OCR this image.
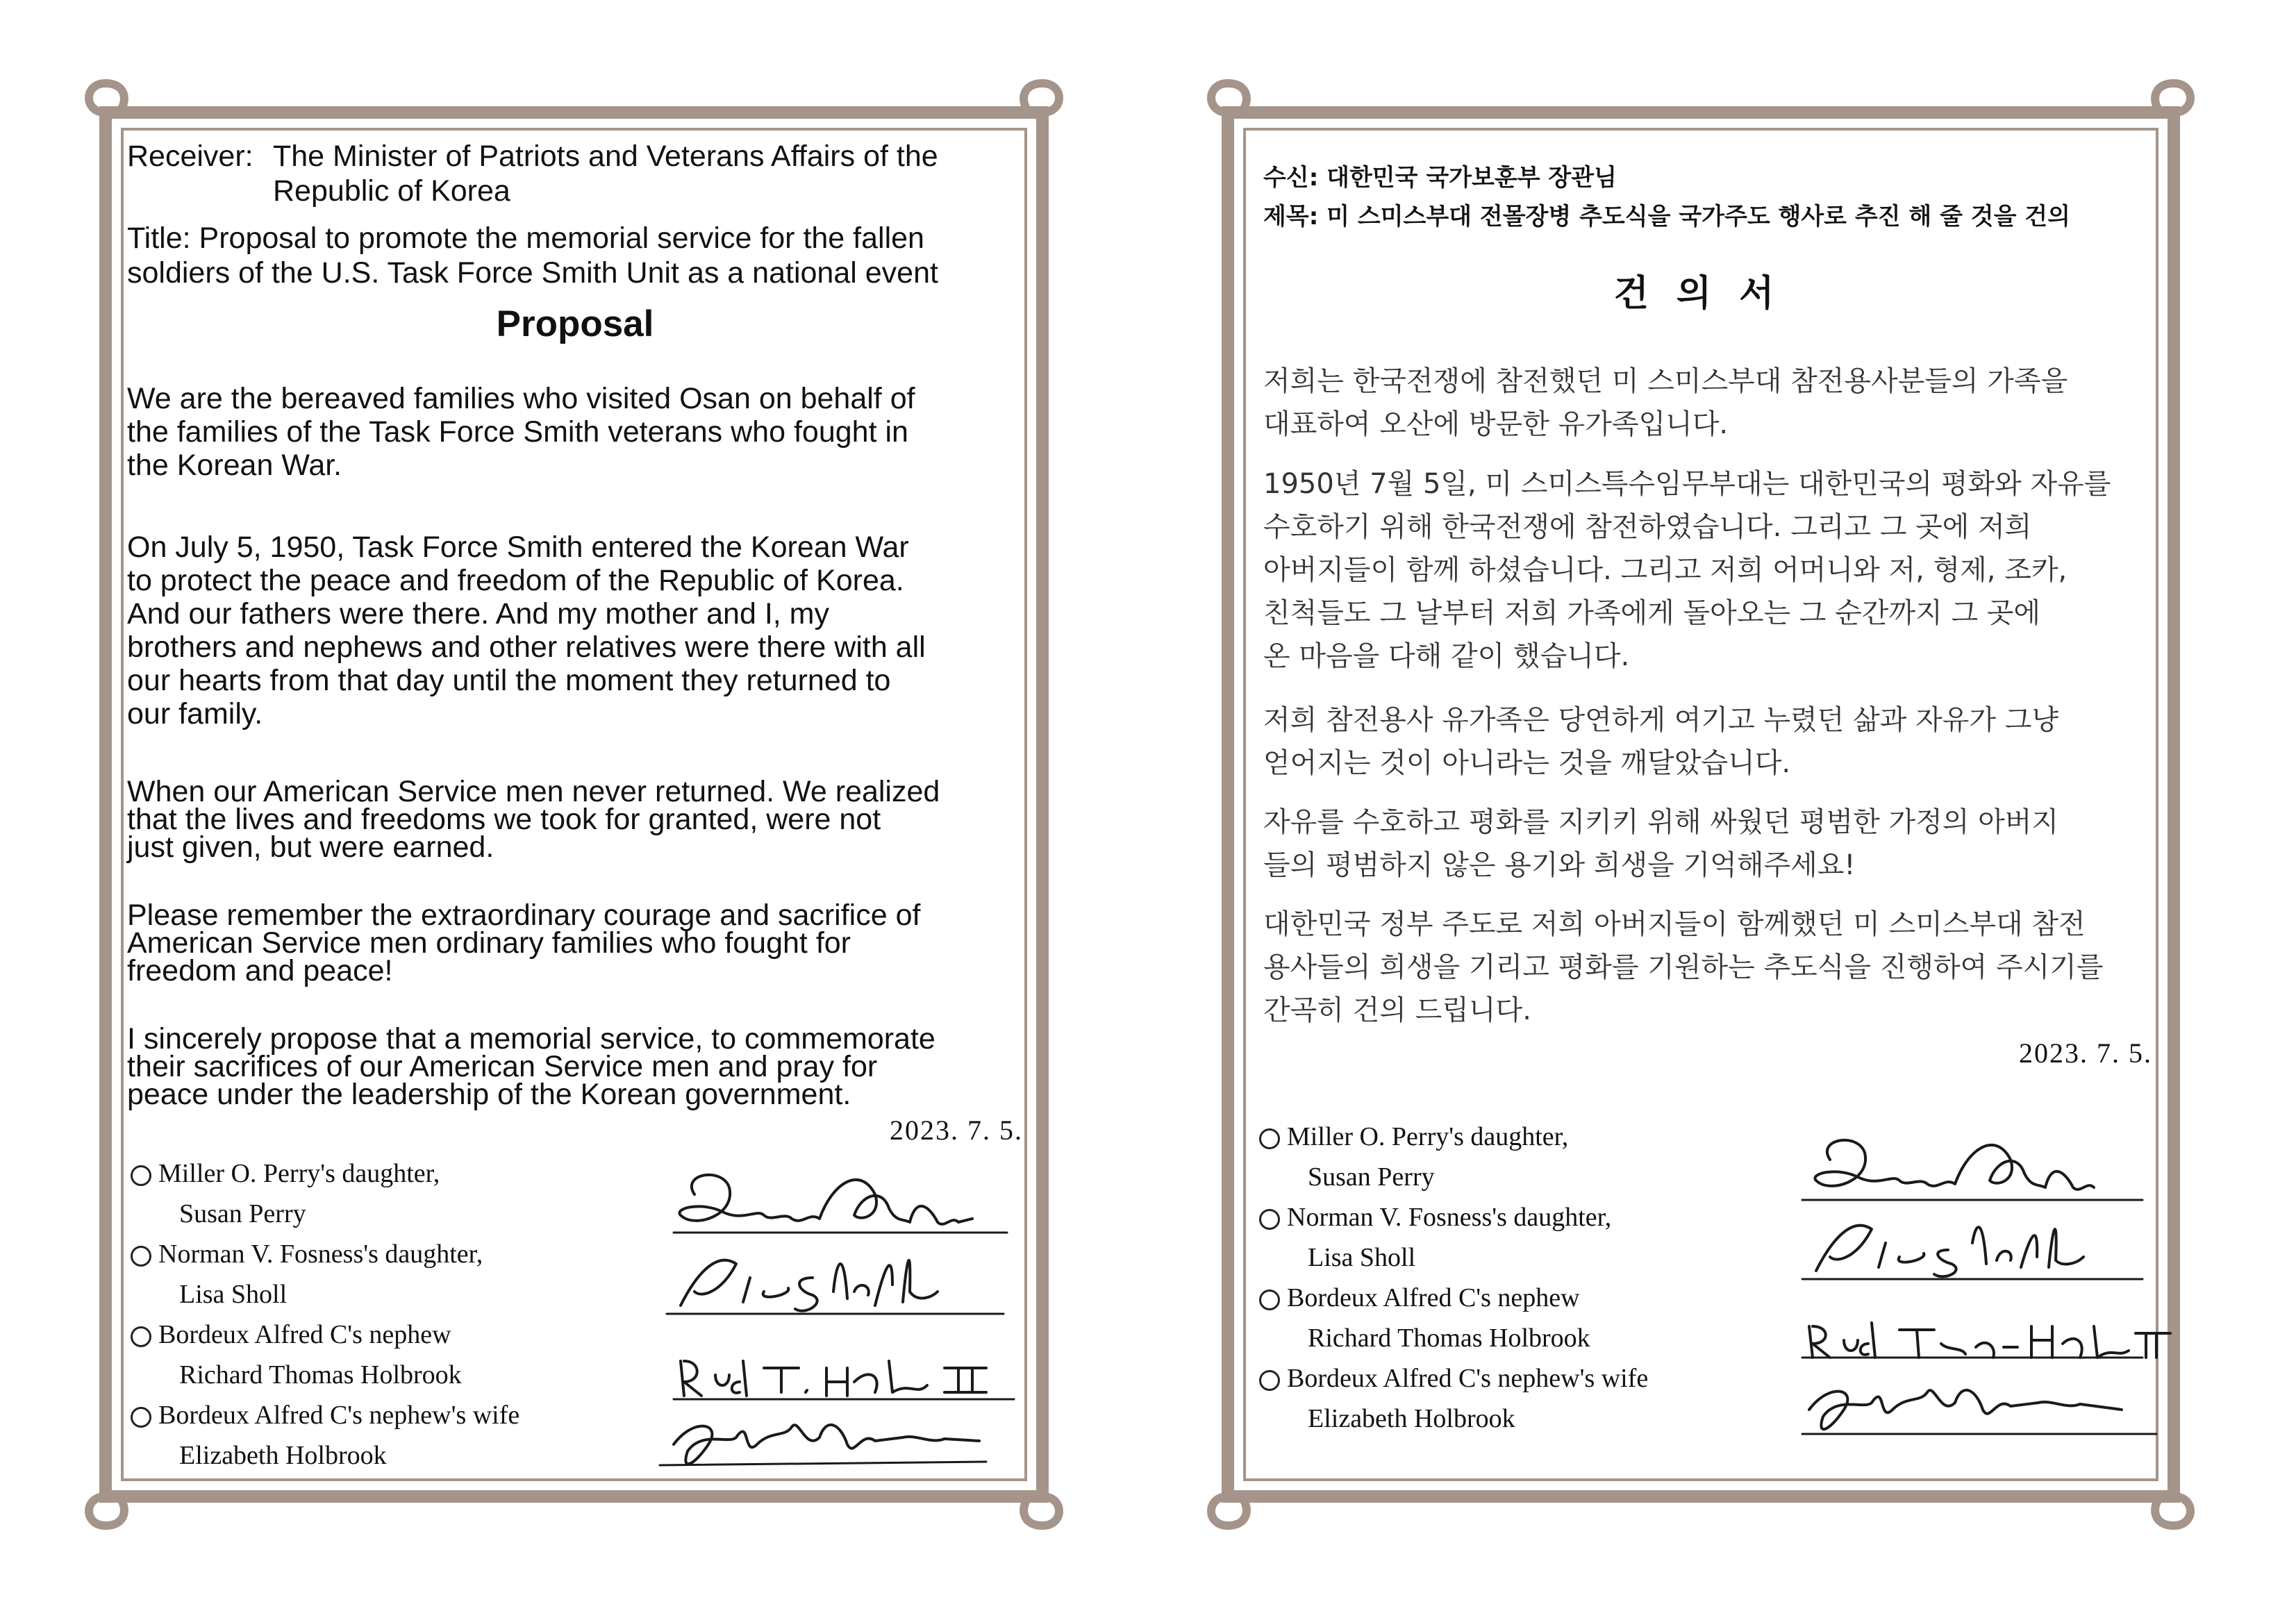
Receiver: The Minister of Patriots and Veterans Affairs of the
Republic of Korea
Title: Proposal to promote the memorial service for the fallen
soldiers of the U.S. Task Force Smith Unit as a national event
Proposal
We are the bereaved families who visited Osan on behalf of
the families of the Task Force Smith veterans who fought in
the Korean War.
On July 5, 1950, Task Force Smith entered the Korean War
to protect the peace and freedom of the Republic of Korea.
And our fathers were there. And my mother and I, my
brothers and nephews and other relatives were there with all
our hearts from that day until the moment they returned to
our family.
When our American Service men never returned. We realized
that the lives and freedoms we took for granted, were not
just given, but were earned.
Please remember the extraordinary courage and sacrifice of
American Service men ordinary families who fought for
freedom and peace!
I sincerely propose that a memorial service, to commemorate
their sacrifices of our American Service men and pray for
peace under the leadership of the Korean government.
2023. 7. 5.
Miller O. Perry's daughter,
Susan Perry
Norman V. Fosness's daughter,
Lisa Sholl
Bordeux Alfred C's nephew
Richard Thomas Holbrook
Bordeux Alfred C's nephew's wife
Elizabeth Holbrook
수신: 대한민국 국가보훈부 장관님
제목: 미 스미스부대 전몰장병 추도식을 국가주도 행사로 추진 해 줄 것을 건의
건의서
저희는 한국전쟁에 참전했던 미 스미스부대 참전용사분들의 가족을
대표하여 오산에 방문한 유가족입니다.
1950년 7월 5일, 미 스미스특수임무부대는 대한민국의 평화와 자유를
수호하기 위해 한국전쟁에 참전하였습니다. 그리고 그 곳에 저희
아버지들이 함께 하셨습니다. 그리고 저희 어머니와 저, 형제, 조카,
친척들도 그 날부터 저희 가족에게 돌아오는 그 순간까지 그 곳에
온 마음을 다해 같이 했습니다.
저희 참전용사 유가족은 당연하게 여기고 누렸던 삶과 자유가 그냥
얻어지는 것이 아니라는 것을 깨달았습니다.
자유를 수호하고 평화를 지키키 위해 싸웠던 평범한 가정의 아버지
들의 평범하지 않은 용기와 희생을 기억해주세요!
대한민국 정부 주도로 저희 아버지들이 함께했던 미 스미스부대 참전
용사들의 희생을 기리고 평화를 기원하는 추도식을 진행하여 주시기를
간곡히 건의 드립니다.
2023. 7. 5.
Miller O. Perry's daughter,
Susan Perry
Norman V. Fosness's daughter,
Lisa Sholl
Bordeux Alfred C's nephew
Richard Thomas Holbrook
Bordeux Alfred C's nephew's wife
Elizabeth Holbrook
